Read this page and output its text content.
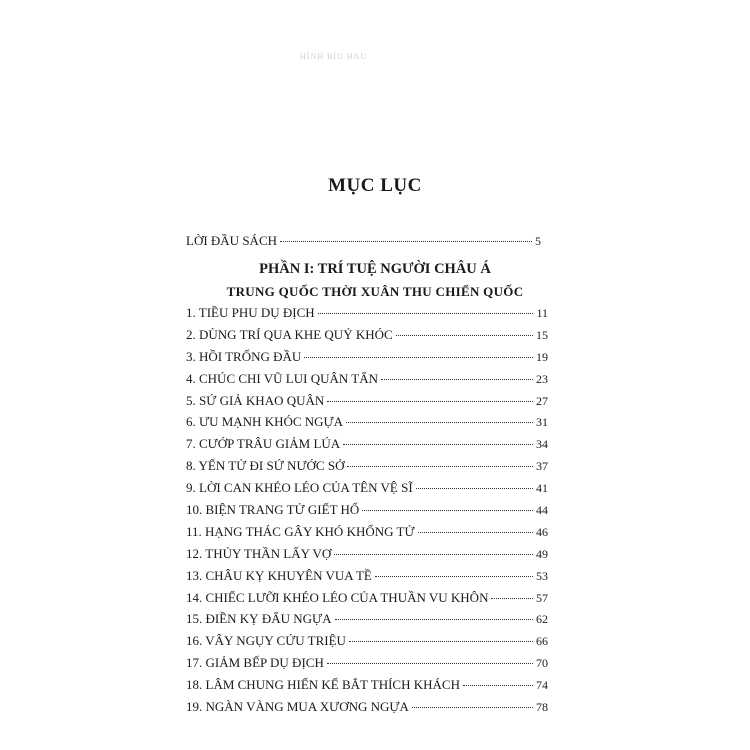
HÌNH BÌU HAU
MỤC LỤC
LỜI ĐẦU SÁCH	5
PHẦN I: TRÍ TUỆ NGƯỜI CHÂU Á
TRUNG QUỐC THỜI XUÂN THU CHIẾN QUỐC
1. TIỀU PHU DỤ ĐỊCH	11
2. DÙNG TRÍ QUA KHE QUỶ KHÓC	15
3. HỒI TRỐNG ĐẦU	19
4. CHÚC CHI VŨ LUI QUÂN TẤN	23
5. SỨ GIẢ KHAO QUÂN	27
6. ƯU MẠNH KHÓC NGỰA	31
7. CƯỚP TRÂU GIẢM LÚA	34
8. YẾN TỬ ĐI SỨ NƯỚC SỞ	37
9. LỜI CAN KHÉO LÉO CỦA TÊN VỆ SĨ	41
10. BIỆN TRANG TỬ GIẾT HỔ	44
11. HẠNG THÁC GÂY KHÓ KHỔNG TỬ	46
12. THỦY THẦN LẤY VỢ	49
13. CHÂU KỴ KHUYÊN VUA TỀ	53
14. CHIẾC LƯỠI KHÉO LÉO CỦA THUẦN VU KHÔN	57
15. ĐIỀN KỴ ĐẤU NGỰA	62
16. VÂY NGỤY CỨU TRIỆU	66
17. GIẢM BẾP DỤ ĐỊCH	70
18. LÂM CHUNG HIẾN KẾ BẮT THÍCH KHÁCH	74
19. NGÀN VÀNG MUA XƯƠNG NGỰA	78
